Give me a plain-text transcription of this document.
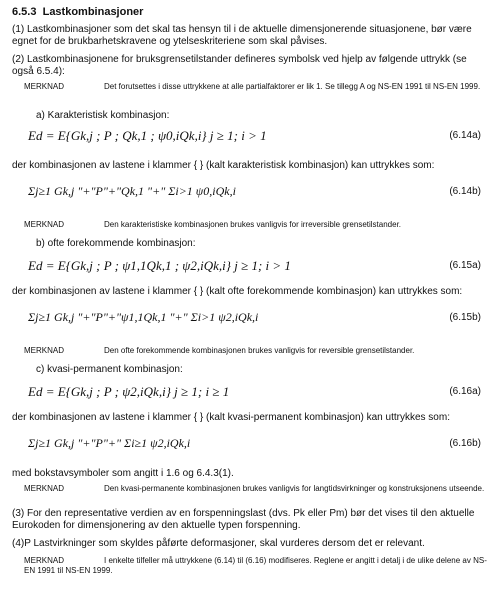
6.5.3 Lastkombinasjoner
(1) Lastkombinasjoner som det skal tas hensyn til i de aktuelle dimensjonerende situasjonene, bør være egnet for de brukbarhetskravene og ytelseskriteriene som skal påvises.
(2) Lastkombinasjonene for bruksgrensetilstander defineres symbolsk ved hjelp av følgende uttrykk (se også 6.5.4):
MERKNAD	Det forutsettes i disse uttrykkene at alle partialfaktorer er lik 1. Se tillegg A og NS-EN 1991 til NS-EN 1999.
a) Karakteristisk kombinasjon:
Ed = E{Gk,j ; P ; Qk,1 ; ψ0,iQk,i} j ≥ 1; i > 1	(6.14a)
der kombinasjonen av lastene i klammer { } (kalt karakteristisk kombinasjon) kan uttrykkes som:
Σj≥1 Gk,j "+"P"+"Qk,1 "+" Σi>1 ψ0,iQk,i	(6.14b)
MERKNAD	Den karakteristiske kombinasjonen brukes vanligvis for irreversible grensetilstander.
b) ofte forekommende kombinasjon:
Ed = E{Gk,j ; P ; ψ1,1Qk,1 ; ψ2,iQk,i} j ≥ 1; i > 1	(6.15a)
der kombinasjonen av lastene i klammer { } (kalt ofte forekommende kombinasjon) kan uttrykkes som:
Σj≥1 Gk,j "+"P"+"ψ1,1Qk,1 "+" Σi>1 ψ2,iQk,i	(6.15b)
MERKNAD	Den ofte forekommende kombinasjonen brukes vanligvis for reversible grensetilstander.
c) kvasi-permanent kombinasjon:
Ed = E{Gk,j ; P ; ψ2,iQk,i} j ≥ 1; i ≥ 1	(6.16a)
der kombinasjonen av lastene i klammer { } (kalt kvasi-permanent kombinasjon) kan uttrykkes som:
Σj≥1 Gk,j "+"P"+" Σi≥1 ψ2,iQk,i	(6.16b)
med bokstavsymboler som angitt i 1.6 og 6.4.3(1).
MERKNAD	Den kvasi-permanente kombinasjonen brukes vanligvis for langtidsvirkninger og konstruksjonens utseende.
(3) For den representative verdien av en forspenningslast (dvs. Pk eller Pm) bør det vises til den aktuelle Eurokoden for dimensjonering av den aktuelle typen forspenning.
(4)P Lastvirkninger som skyldes påførte deformasjoner, skal vurderes dersom det er relevant.
MERKNAD	I enkelte tilfeller må uttrykkene (6.14) til (6.16) modifiseres. Reglene er angitt i detalj i de ulike delene av NS-EN 1991 til NS-EN 1999.
